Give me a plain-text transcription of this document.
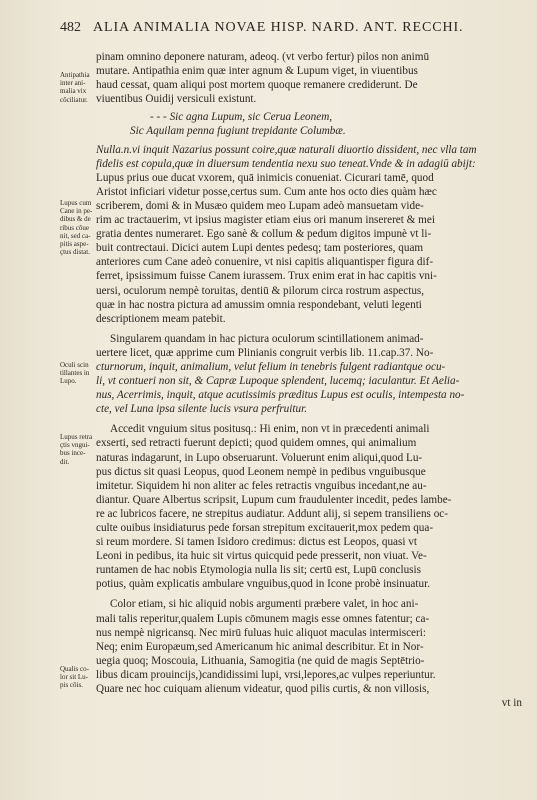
482 ALIA ANIMALIA NOVAE HISP. NARD. ANT. RECCHI.
Antipathia
inter ani-
malia vix
côciliatur.
Lupus cum
Cane in pe-
dibus & de
ribus côue
nit, sed ca-
pitis aspe-
çtus distat.
Oculi scin
tillantes in
Lupo.
Lupus retra
çtis vngui-
bus ince-
dit.
Qualis co-
lor sit Lu-
pis côis.
pinam omnino deponere naturam, adeoq. (vt verbo fertur) pilos non animū
mutare. Antipathia enim quæ inter agnum & Lupum viget, in viuentibus
haud cessat, quam aliqui post mortem quoque remanere crediderunt. De
viuentibus Ouidij versiculi existunt.
- - - Sic agna Lupum, sic Ceruа Leonem,
Sic Aquilam penna fugiunt trepidante Columbæ.
Nulla.n.vi inquit Nazarius possunt coire,quæ naturali diuortio dissident, nec vlla tam
fidelis est copula,quæ in diuersum tendentia nexu suo teneat.Vnde & in adagiū abijt:
Lupus prius oue ducat vxorem, quā inimicis conueniat. Cicurari tamē, quod
Aristot inficiari videtur posse,certus sum. Cum ante hos octo dies quàm hæc
scriberem, domi & in Musæo quidem meo Lupam adeò mansuetam vide-
rim ac tractauerim, vt ipsius magister etiam eius ori manum insereret & mei
gratia dentes numeraret. Ego sanè & collum & pedum digitos impunè vt li-
buit contrectaui. Dicici autem Lupi dentes pedesq; tam posteriores, quam
anteriores cum Cane adeò conuenire, vt nisi capitis aliquantisper figura dif-
ferret, ipsissimum fuisse Canem iurassem. Trux enim erat in hac capitis vni-
uersi, oculorum nempè toruitas, dentiū & pilorum circa rostrum aspectus,
quæ in hac nostra pictura ad amussim omnia respondebant, veluti legenti
descriptionem meam patebit.
Singularem quandam in hac pictura oculorum scintillationem animad-
uertere licet, quæ apprime cum Plinianis congruit verbis lib. 11.cap.37. No-
cturnorum, inquit, animalium, velut felium in tenebris fulgent radiantque ocu-
li, vt contueri non sit, & Capræ Lupoque splendent, lucemq; iaculantur. Et Aelia-
nus, Acerrimis, inquit, atque acutissimis præditus Lupus est oculis, intempesta no-
cte, vel Luna ipsa silente lucis vsura perfruitur.
Accedit vnguium situs positusq.: Hi enim, non vt in præcedenti animali
exserti, sed retracti fuerunt depicti; quod quidem omnes, qui animalium
naturas indagarunt, in Lupo obseruarunt. Voluerunt enim aliqui,quod Lu-
pus dictus sit quasi Leopus, quod Leonem nempè in pedibus vnguibusque
imitetur. Siquidem hi non aliter ac feles retractis vnguibus incedant,ne au-
diantur. Quare Albertus scripsit, Lupum cum fraudulenter incedit, pedes lambe-
re ac lubricos facere, ne strepitus audiatur. Addunt alij, si sepem transiliens oc-
culte ouibus insidiaturus pede forsan strepitum excitauerit,mox pedem qua-
si reum mordere. Si tamen Isidoro credimus: dictus est Leopos, quasi vt
Leoni in pedibus, ita huic sit virtus quicquid pede presserit, non viuat. Ve-
runtamen de hac nobis Etymologia nulla lis sit; certū est, Lupū conclusis
potius, quàm explicatis ambulare vnguibus,quod in Icone probè insinuatur.
Color etiam, si hic aliquid nobis argumenti præbere valet, in hoc ani-
mali talis reperitur,qualem Lupis cōmunem magis esse omnes fatentur; ca-
nus nempè nigricansq. Nec mirū fuluas huic aliquot maculas intermisceri:
Neq; enim Europæum,sed Americanum hic animal describitur. Et in Nor-
uegia quoq; Moscouia, Lithuania, Samogitia (ne quid de magis Septētrio-
libus dicam prouincijs,)candidissimi lupi, vrsi,lepores,ac vulpes reperiuntur.
Quare nec hoc cuiquam alienum videatur, quod pilis curtis, & non villosis,
vt in
